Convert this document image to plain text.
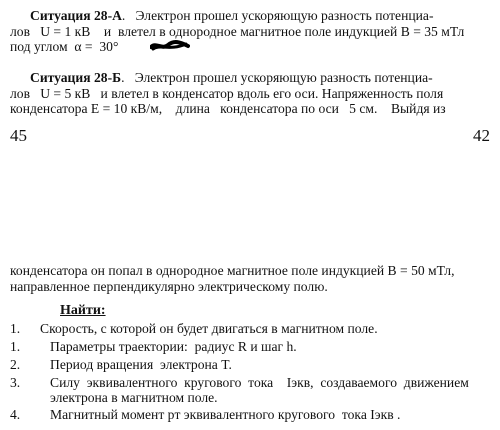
Ситуация 28-А.   Электрон прошел ускоряющую разность потенциа-
лов   U = 1 кВ    и  влетел в однородное магнитное поле индукцией B = 35 мТл
под углом  α =  30°
Ситуация 28-Б.   Электрон прошел ускоряющую разность потенциа-
лов   U = 5 кВ   и влетел в конденсатор вдоль его оси. Напряженность поля
конденсатора E = 10 кВ/м,    длина   конденсатора по оси   5 см.    Выйдя из
45	42
конденсатора он попал в однородное магнитное поле индукцией B = 50 мТл,
направленное перпендикулярно электрическому полю.
Найти:
1. Скорость, с которой он будет двигаться в магнитном поле.
1. Параметры траектории:  радиус R и шаг h.
2. Период вращения  электрона T.
3. Силу  эквивалентного  кругового  тока    Iэкв,  создаваемого  движением
электрона в магнитном поле.
4. Магнитный момент pт эквивалентного кругового  тока Iэкв .
